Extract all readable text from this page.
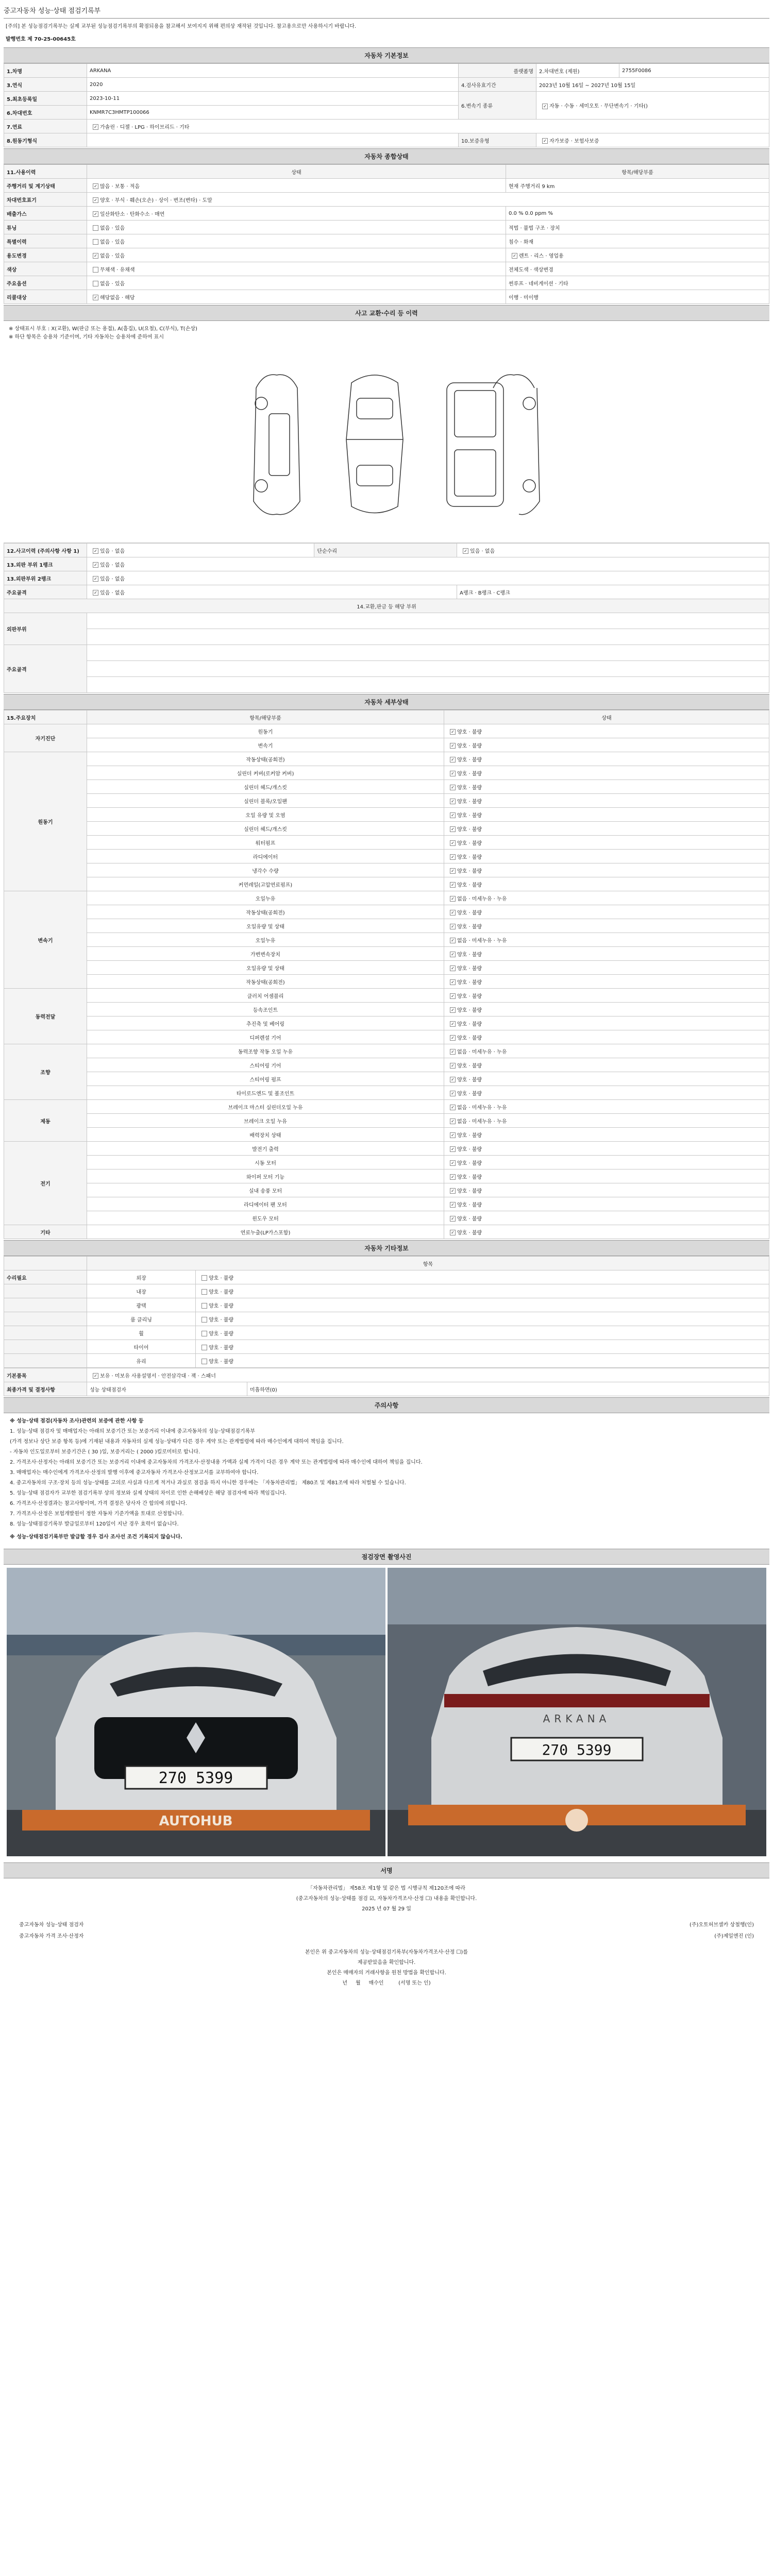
중고자동차 성능·상태 점검기록부
[주의] 본 성능점검기록부는 실제 교부된 성능점검기록부의 확점되용을 참고해서 보여지지 위해 편의상 재작된 것입니다. 참고용으로만 사용하시기 바랍니다.
발행번호 제 70-25-00645호
자동차 기본정보
1.차명	ARKANA	플랫폼명	2.차대번호 (제원)	2755F0086
3.연식	2020	4.검사유효기간	2023년 10월 16일 ~ 2027년 10월 15일	
5.최초등록일	2023-10-11	6.변속기 종류	✓자동 · 수동 · 세미오토 · 무단변속기 · 기타()
6.차대번호	KNMR7C3HMTP100066			
7.연료	✓가솔린 · 디젤 · LPG · 하이브리드 · 기타
8.원동기형식		10.보증유형	✓자가보증 · 보험사보증
자동차 종합상태
11.사용이력	상태	항목/해당부품
주행거리 및 계기상태	✓많음 · 보통 · 적음	현재 주행거리 9 km
차대번호표기	✓양호 · 부식 · 훼손(오손) · 상이 · 변조(변타) · 도말
배출가스	✓일산화탄소 · 탄화수소 · 매연	0.0 % 0.0 ppm %
튜닝	없음 · 있음	적법 · 불법 구조 · 장치
특별이력	없음 · 있음	침수 · 화재
용도변경	✓없음 · 있음	✓렌트 · 리스 · 영업용
색상	무채색 · 유채색	전체도색 · 색상변경
주요옵션	없음 · 있음	썬루프 · 네비게이션 · 기타
리콜대상	✓해당없음 · 해당	이행 · 미이행
사고 교환·수리 등 이력
※ 상태표시 부호 : X(교환), W(판금 또는 용접), A(흠집), U(요철), C(부식), T(손상)
※ 하단 항목은 승용차 기준이며, 기타 자동차는 승용차에 준하여 표시
12.사고이력 (주의사항 사항 1)	✓있음 · 없음	단순수리	✓있음 · 없음
13.외판 부위 1랭크	✓있음 · 없음
13.외판부위 2랭크	✓있음 · 없음
주요골격	✓있음 · 없음		A랭크 · B랭크 · C랭크
14.교환,판금 등 해당 부위			
외판부위			

주요골격			

자동차 세부상태
15.주요장치	항목/해당부품	상태
자기진단	원동기	✓양호 · 불량
	변속기	✓양호 · 불량
원동기	작동상태(공회전)	✓양호 · 불량
	실린더 커버(로커암 커버)	✓양호 · 불량
	실린더 헤드/개스킷	✓양호 · 불량
	실린더 블록/오일팬	✓양호 · 불량
	오일 유량 및 오염	✓양호 · 불량
	실린더 헤드/개스킷	✓양호 · 불량
	워터펌프	✓양호 · 불량
	라디에이터	✓양호 · 불량
	냉각수 수량	✓양호 · 불량
	커먼레일(고압연료펌프)	✓양호 · 불량
변속기	오일누유	✓없음 · 미세누유 · 누유
	작동상태(공회전)	✓양호 · 불량
	오일유량 및 상태	✓양호 · 불량
	오일누유	✓없음 · 미세누유 · 누유
	가변변속장치	✓양호 · 불량
	오일유량 및 상태	✓양호 · 불량
	작동상태(공회전)	✓양호 · 불량
동력전달	클러치 어셈블리	✓양호 · 불량
	등속조인트	✓양호 · 불량
	추진축 및 베어링	✓양호 · 불량
	디퍼렌셜 기어	✓양호 · 불량
조향	동력조향 작동 오일 누유	✓없음 · 미세누유 · 누유
	스티어링 기어	✓양호 · 불량
	스티어링 펌프	✓양호 · 불량
	타이로드엔드 및 볼조인트	✓양호 · 불량
제동	브레이크 마스터 실린더오일 누유	✓없음 · 미세누유 · 누유
	브레이크 오일 누유	✓없음 · 미세누유 · 누유
	배력장치 상태	✓양호 · 불량
전기	발전기 출력	✓양호 · 불량
	시동 모터	✓양호 · 불량
	와이퍼 모터 기능	✓양호 · 불량
	실내 송풍 모터	✓양호 · 불량
	라디에이터 팬 모터	✓양호 · 불량
	윈도우 모터	✓양호 · 불량
기타	연료누출(LP가스포함)	✓양호 · 불량
자동차 기타정보
	항목	
수리필요	외장	양호 · 불량
	내장	양호 · 불량
	광택	양호 · 불량
	룸 클리닝	양호 · 불량
	휠	양호 · 불량
	타이어	양호 · 불량
	유리	양호 · 불량
기본품목	✓보유 · 미보유 사용설명서 · 안전삼각대 · 잭 · 스패너
최종가격 및 결정사항	성능 상태점검자	미흡하면(0)
주의사항

※ 성능·상태 점검(자동차 조사)관련의 보증에 관한 사항 등

1. 성능·상태 점검자 및 매매업자는 아래의 보증기간 또는 보증거리 이내에 중고자동차의 성능·상태점검기록부

(가격 정보나 상단 보증 항목 등)에 기재된 내용과 자동차의 실제 성능·상태가 다른 경우 계약 또는 관계법령에 따라 매수인에게 대하여 책임을 집니다.

- 자동차 인도일로부터 보증기간은 ( 30 )일, 보증거리는 ( 2000 )킬로미터로 합니다.

2. 가격조사·산정자는 아래의 보증기간 또는 보증거리 이내에 중고자동차의 가격조사·산정내용 가액과 실제 가격이 다른 경우 계약 또는 관계법령에 따라 매수인에 대하여 책임을 집니다.

3. 매매업자는 매수인에게 가격조사·산정의 발행 이후에 중고자동차 가격조사·산정보고서를 교부하여야 합니다.

4. 중고자동차의 구조·장치 등의 성능·상태를 고의로 사실과 다르게 적거나 과실로 점검을 하지 아니한 경우에는 「자동차관리법」 제80조 및 제81조에 따라 처벌될 수 있습니다.

5. 성능·상태 점검자가 교부한 점검기록부 상의 정보와 실제 상태의 차이로 인한 손해배상은 해당 점검자에 따라 책임집니다.

6. 가격조사·산정결과는 참고사항이며, 가격 결정은 당사자 간 합의에 의합니다.

7. 가격조사·산정은 보험개발원이 정한 자동차 기준가액을 토대로 산정합니다.

8. 성능·상태점검기록부 발급일로부터 120일이 지난 경우 효력이 없습니다.

※ 성능·상태점검기록부만 발급할 경우 검사 조사선 조건 기록되지 않습니다.

점검장면 촬영사진
270 5399
AUTOHUB
ARKANA
270 5399
서명
「자동차관리법」 제58조 제1항 및 같은 법 시행규칙 제120조에 따라
(중고자동차의 성능·상태를 점검 ☑, 자동차가격조사·산정 ☐) 내용을 확인합니다.
2025 년 07 월 29 일
중고자동차 성능·상태 점검자	(주)오토허브셀카 상철행(인)
중고자동차 가격 조사·산정자	(주)제일엔진 (인)
본인은 위 중고자동차의 성능·상태점검기록부(자동차가격조사·산정 ☐)를
제공받았음을 확인합니다.
본인은 매매자의 거래사항을 원천 방법을 확인합니다.
년 월 매수인	(서명 또는 인)
